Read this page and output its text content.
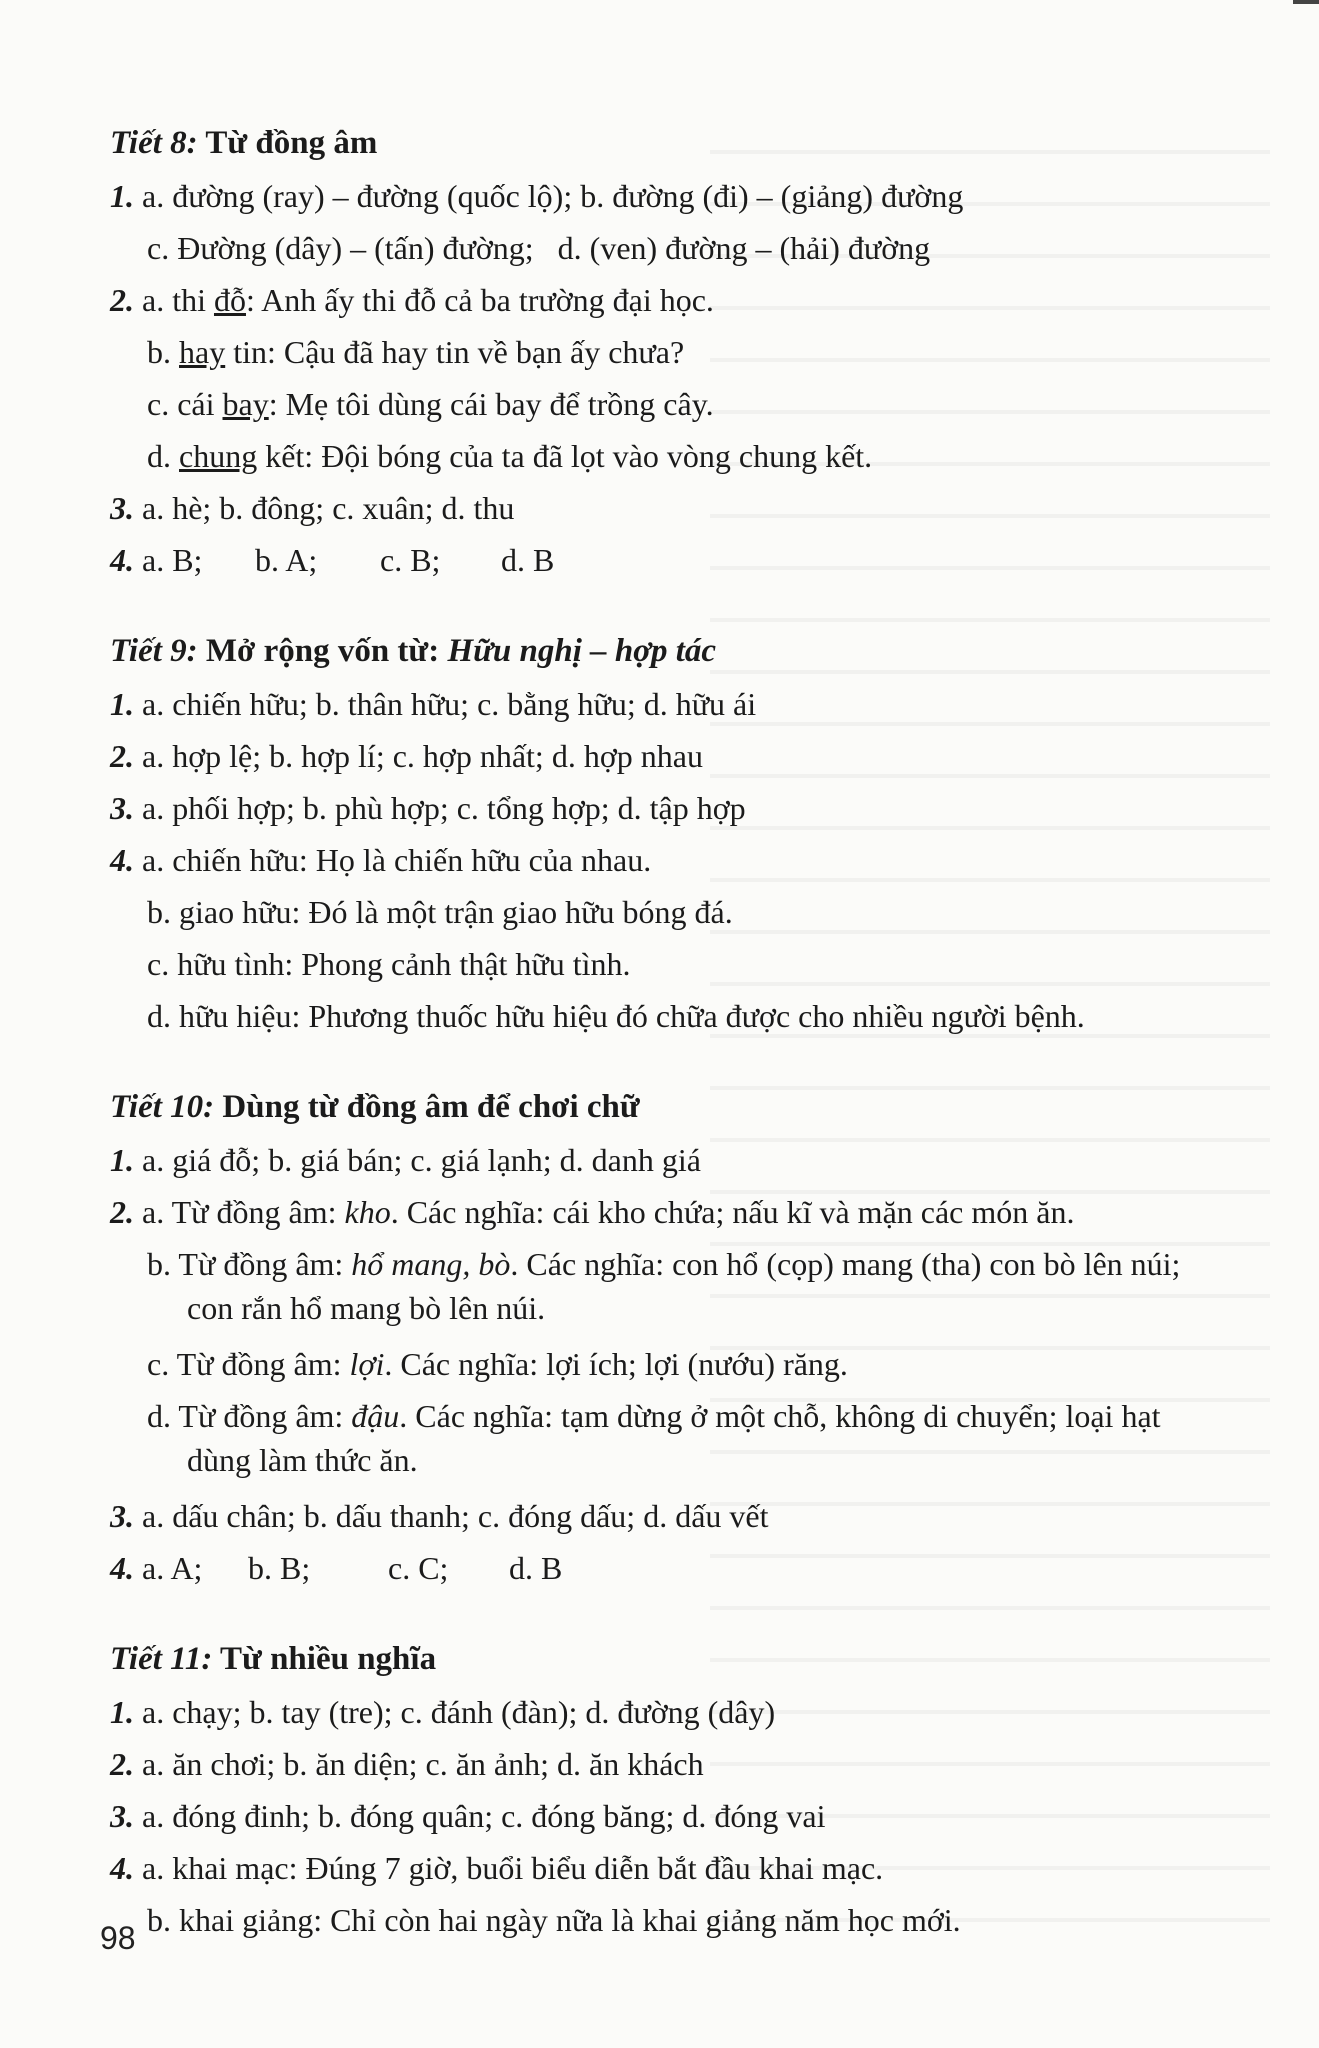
Tiết 8: Từ đồng âm
1. a. đường (ray) – đường (quốc lộ); b. đường (đi) – (giảng) đường
c. Đường (dây) – (tấn) đường;   d. (ven) đường – (hải) đường
2. a. thi đỗ: Anh ấy thi đỗ cả ba trường đại học.
b. hay tin: Cậu đã hay tin về bạn ấy chưa?
c. cái bay: Mẹ tôi dùng cái bay để trồng cây.
d. chung kết: Đội bóng của ta đã lọt vào vòng chung kết.
3. a. hè; b. đông; c. xuân; d. thu
4. a. B; b. A; c. B; d. B
Tiết 9: Mở rộng vốn từ: Hữu nghị – hợp tác
1. a. chiến hữu; b. thân hữu; c. bằng hữu; d. hữu ái
2. a. hợp lệ; b. hợp lí; c. hợp nhất; d. hợp nhau
3. a. phối hợp; b. phù hợp; c. tổng hợp; d. tập hợp
4. a. chiến hữu: Họ là chiến hữu của nhau.
b. giao hữu: Đó là một trận giao hữu bóng đá.
c. hữu tình: Phong cảnh thật hữu tình.
d. hữu hiệu: Phương thuốc hữu hiệu đó chữa được cho nhiều người bệnh.
Tiết 10: Dùng từ đồng âm để chơi chữ
1. a. giá đỗ; b. giá bán; c. giá lạnh; d. danh giá
2. a. Từ đồng âm: kho. Các nghĩa: cái kho chứa; nấu kĩ và mặn các món ăn.
b. Từ đồng âm: hổ mang, bò. Các nghĩa: con hổ (cọp) mang (tha) con bò lên núi;
con rắn hổ mang bò lên núi.
c. Từ đồng âm: lợi. Các nghĩa: lợi ích; lợi (nướu) răng.
d. Từ đồng âm: đậu. Các nghĩa: tạm dừng ở một chỗ, không di chuyển; loại hạt
dùng làm thức ăn.
3. a. dấu chân; b. dấu thanh; c. đóng dấu; d. dấu vết
4. a. A; b. B; c. C; d. B
Tiết 11: Từ nhiều nghĩa
1. a. chạy; b. tay (tre); c. đánh (đàn); d. đường (dây)
2. a. ăn chơi; b. ăn diện; c. ăn ảnh; d. ăn khách
3. a. đóng đinh; b. đóng quân; c. đóng băng; d. đóng vai
4. a. khai mạc: Đúng 7 giờ, buổi biểu diễn bắt đầu khai mạc.
b. khai giảng: Chỉ còn hai ngày nữa là khai giảng năm học mới.
98
